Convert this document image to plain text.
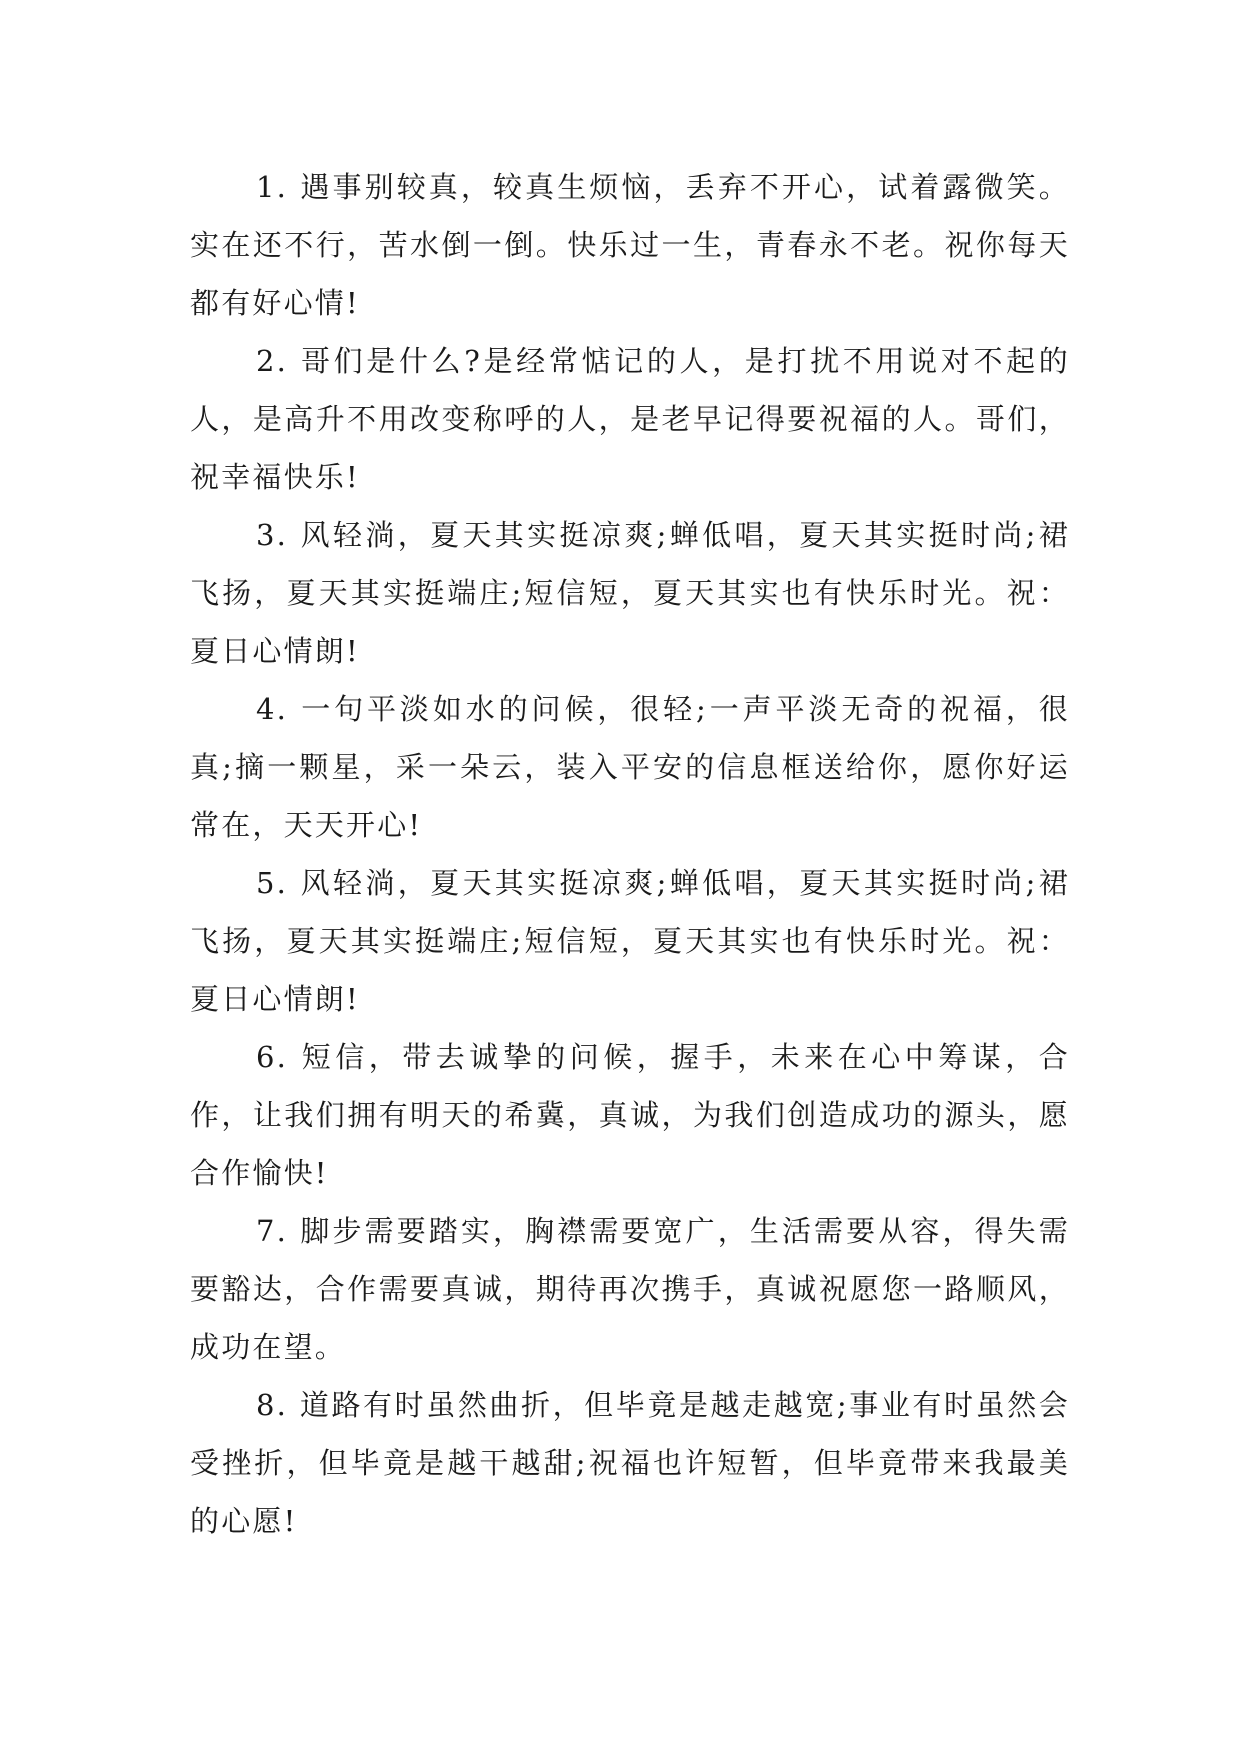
1. 遇事别较真，较真生烦恼，丢弃不开心，试着露微笑。实在还不行，苦水倒一倒。快乐过一生，青春永不老。祝你每天都有好心情!

2. 哥们是什么?是经常惦记的人，是打扰不用说对不起的人，是高升不用改变称呼的人，是老早记得要祝福的人。哥们，祝幸福快乐!

3. 风轻淌，夏天其实挺凉爽;蝉低唱，夏天其实挺时尚;裙飞扬，夏天其实挺端庄;短信短，夏天其实也有快乐时光。祝：夏日心情朗!

4. 一句平淡如水的问候，很轻;一声平淡无奇的祝福，很真;摘一颗星，采一朵云，装入平安的信息框送给你，愿你好运常在，天天开心!

5. 风轻淌，夏天其实挺凉爽;蝉低唱，夏天其实挺时尚;裙飞扬，夏天其实挺端庄;短信短，夏天其实也有快乐时光。祝：夏日心情朗!

6. 短信，带去诚挚的问候，握手，未来在心中筹谋，合作，让我们拥有明天的希冀，真诚，为我们创造成功的源头，愿合作愉快!

7. 脚步需要踏实，胸襟需要宽广，生活需要从容，得失需要豁达，合作需要真诚，期待再次携手，真诚祝愿您一路顺风，成功在望。

8. 道路有时虽然曲折，但毕竟是越走越宽;事业有时虽然会受挫折，但毕竟是越干越甜;祝福也许短暂，但毕竟带来我最美的心愿!
